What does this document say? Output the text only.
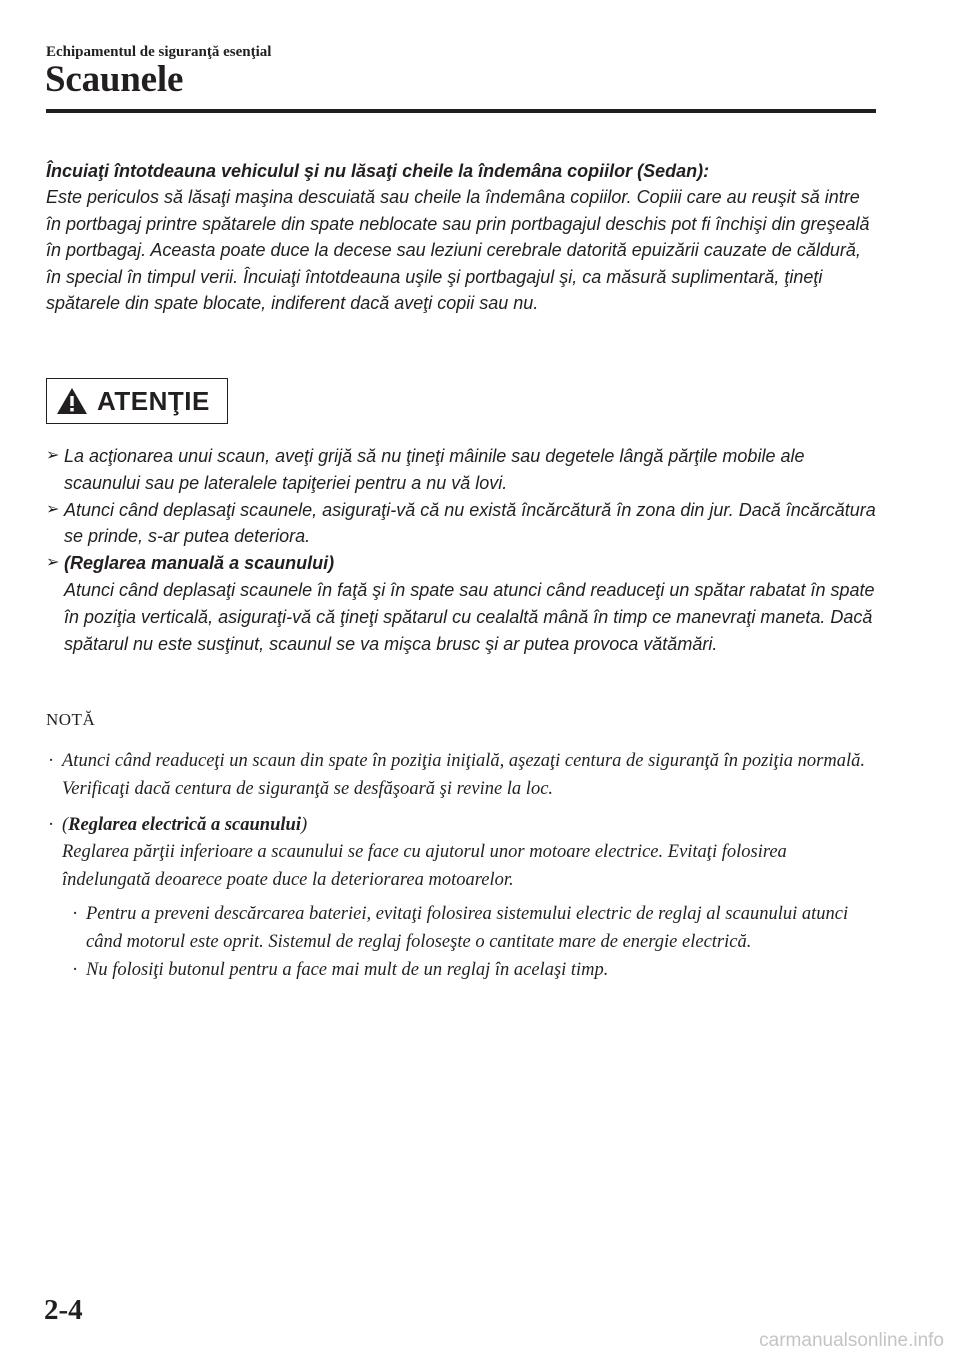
Echipamentul de siguranţă esenţial
Scaunele
Încuiaţi întotdeauna vehiculul şi nu lăsaţi cheile la îndemâna copiilor (Sedan):
Este periculos să lăsaţi maşina descuiată sau cheile la îndemâna copiilor. Copiii care au reuşit să intre în portbagaj printre spătarele din spate neblocate sau prin portbagajul deschis pot fi închişi din greşeală în portbagaj. Aceasta poate duce la decese sau leziuni cerebrale datorită epuizării cauzate de căldură, în special în timpul verii. Încuiaţi întotdeauna uşile şi portbagajul şi, ca măsură suplimentară, ţineţi spătarele din spate blocate, indiferent dacă aveţi copii sau nu.
ATENŢIE
➢ La acţionarea unui scaun, aveţi grijă să nu ţineţi mâinile sau degetele lângă părţile mobile ale scaunului sau pe lateralele tapiţeriei pentru a nu vă lovi.
➢ Atunci când deplasaţi scaunele, asiguraţi-vă că nu există încărcătură în zona din jur. Dacă încărcătura se prinde, s-ar putea deteriora.
➢ (Reglarea manuală a scaunului)
Atunci când deplasaţi scaunele în faţă şi în spate sau atunci când readuceţi un spătar rabatat în spate în poziţia verticală, asiguraţi-vă că ţineţi spătarul cu cealaltă mână în timp ce manevraţi maneta. Dacă spătarul nu este susţinut, scaunul se va mişca brusc şi ar putea provoca vătămări.
NOTĂ
· Atunci când readuceţi un scaun din spate în poziţia iniţială, aşezaţi centura de siguranţă în poziţia normală. Verificaţi dacă centura de siguranţă se desfăşoară şi revine la loc.
· (Reglarea electrică a scaunului)
Reglarea părţii inferioare a scaunului se face cu ajutorul unor motoare electrice. Evitaţi folosirea îndelungată deoarece poate duce la deteriorarea motoarelor.
· Pentru a preveni descărcarea bateriei, evitaţi folosirea sistemului electric de reglaj al scaunului atunci când motorul este oprit. Sistemul de reglaj foloseşte o cantitate mare de energie electrică.
· Nu folosiţi butonul pentru a face mai mult de un reglaj în acelaşi timp.
2-4
carmanualsonline.info
